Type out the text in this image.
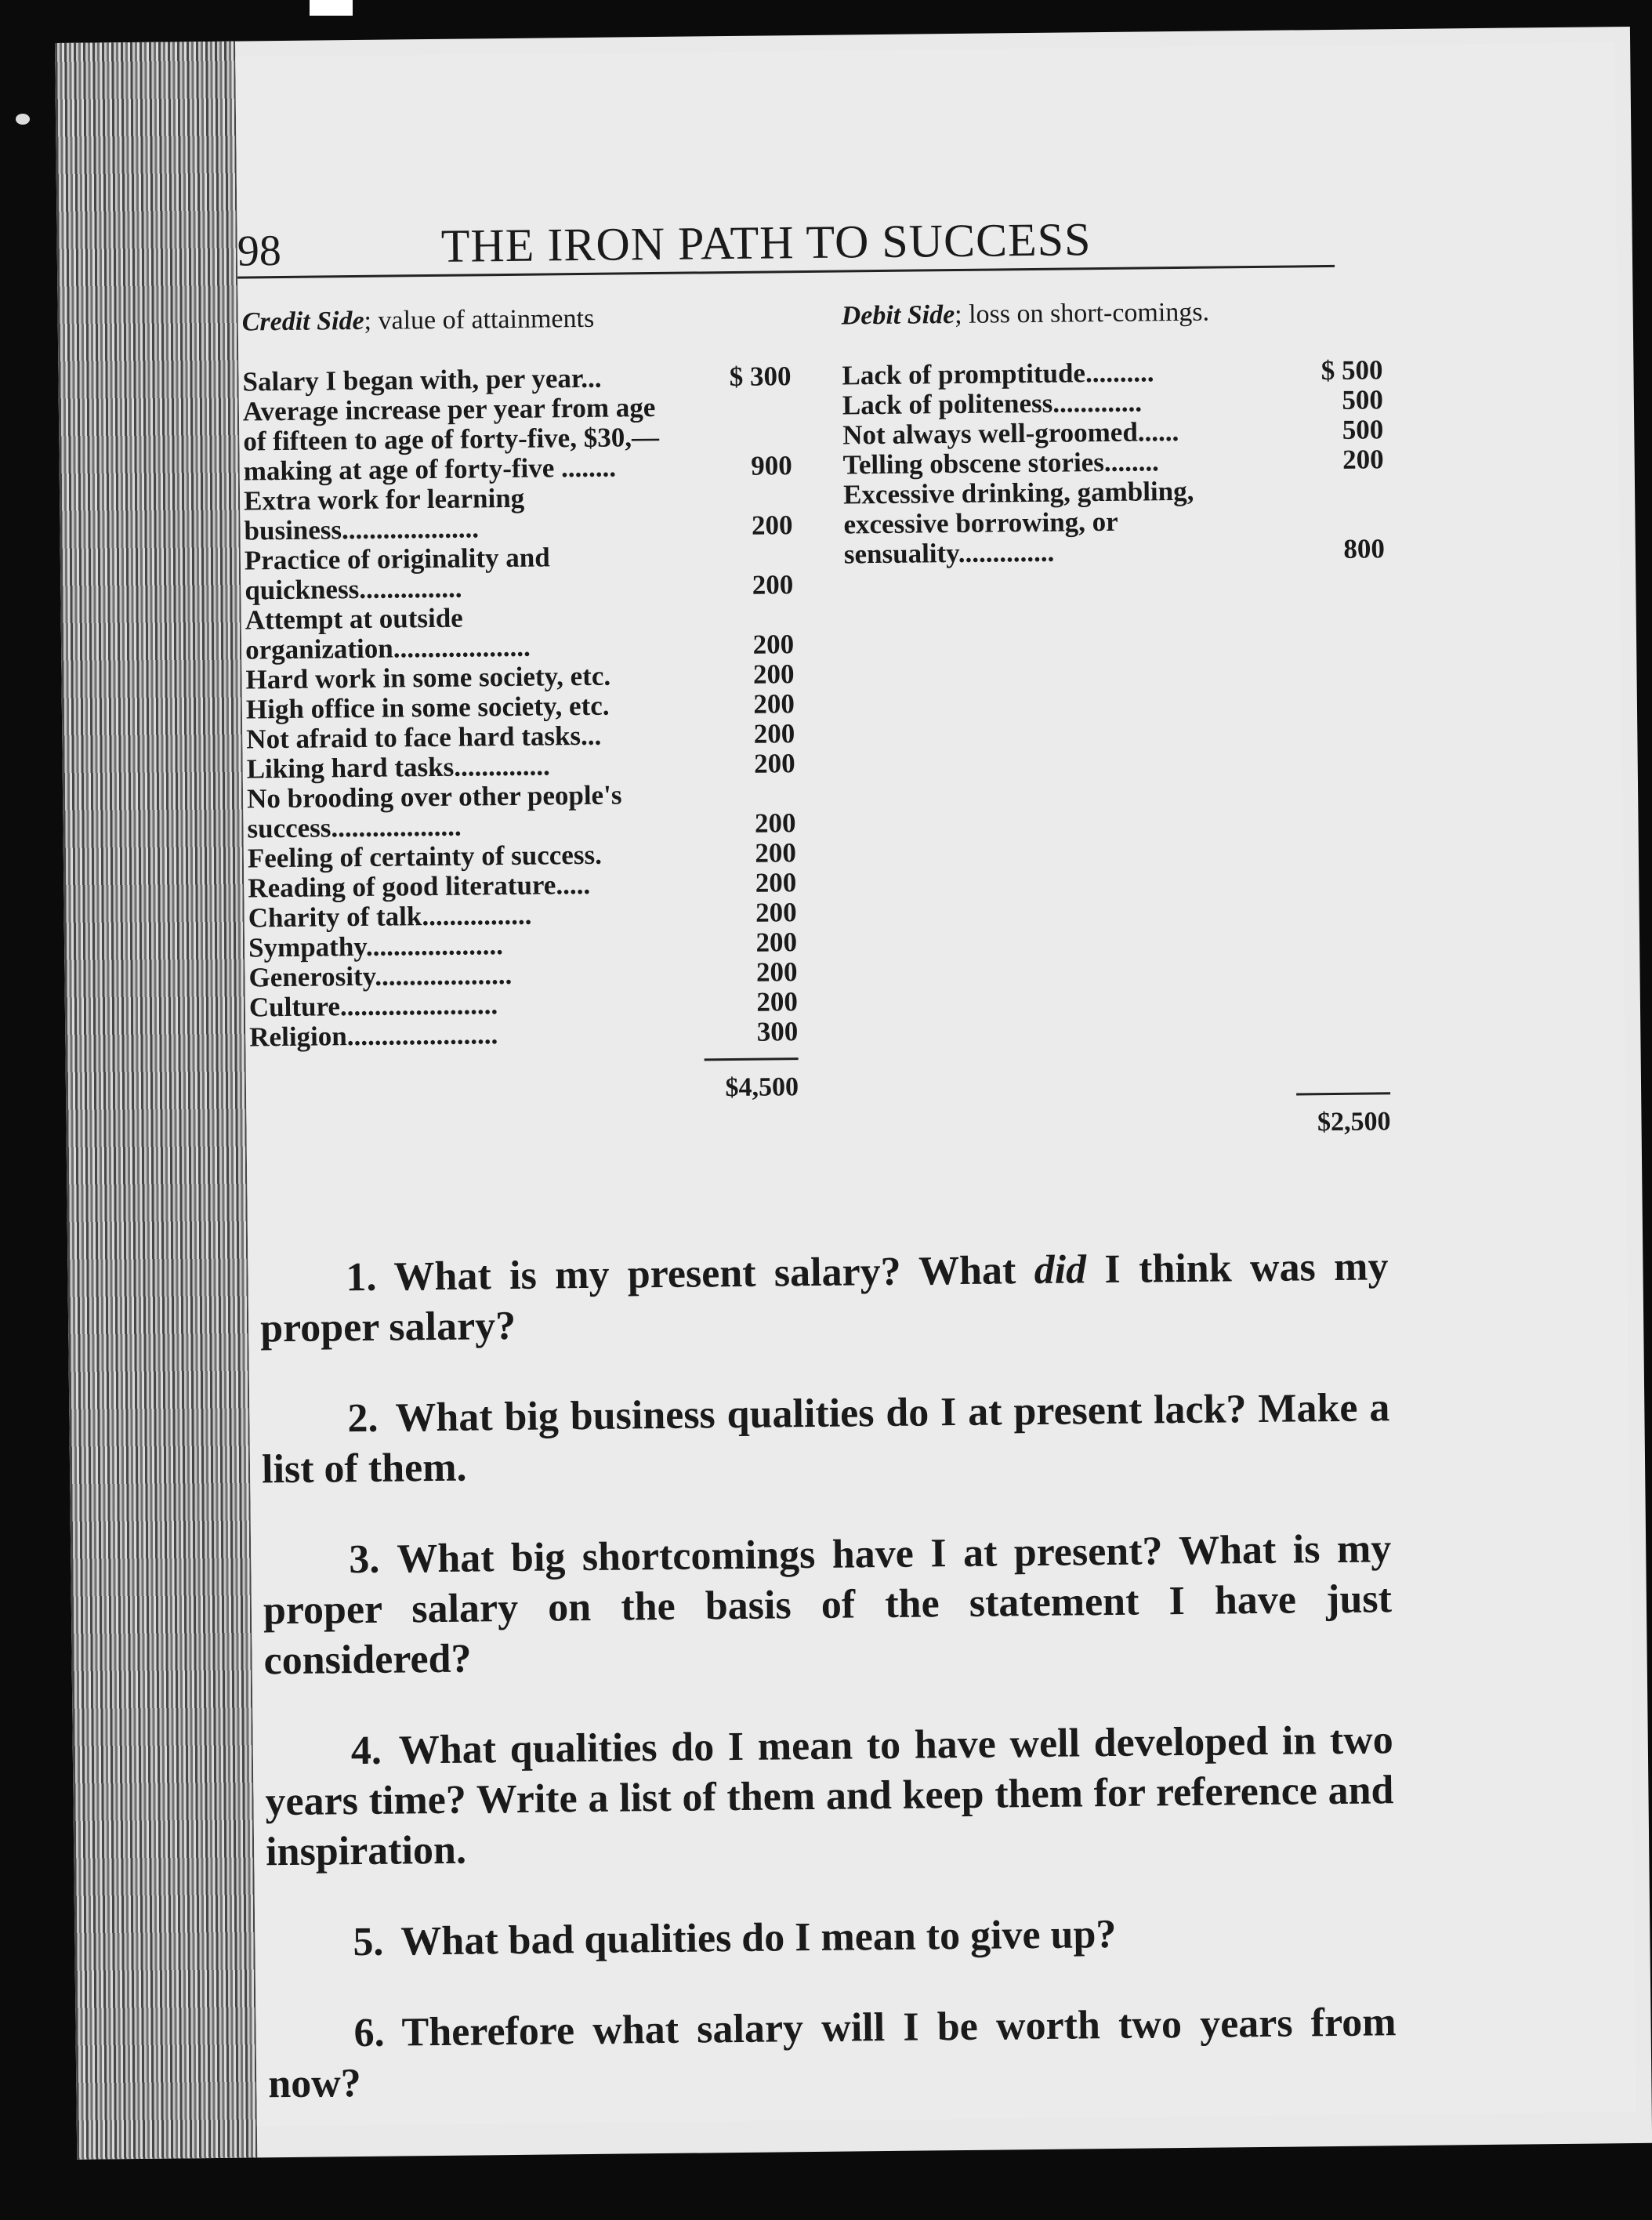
98	THE IRON PATH TO SUCCESS
Credit Side; value of attainments
Salary I began with, per year...	$ 300
Average increase per year from age of fifteen to age of forty-five, $30,—making at age of forty-five ........	900
Extra work for learning business....................	200
Practice of originality and quickness...............	200
Attempt at outside organization....................	200
Hard work in some society, etc.	200
High office in some society, etc.	200
Not afraid to face hard tasks...	200
Liking hard tasks..............	200
No brooding over other people's success...................	200
Feeling of certainty of success.	200
Reading of good literature.....	200
Charity of talk................	200
Sympathy....................	200
Generosity....................	200
Culture.......................	200
Religion......................	300
$4,500
Debit Side; loss on short-comings.
Lack of promptitude..........	$ 500
Lack of politeness.............	500
Not always well-groomed......	500
Telling obscene stories........	200
Excessive drinking, gambling, excessive borrowing, or sensuality..............	800
$2,500

1. What is my present salary? What did I think was my proper salary?

2. What big business qualities do I at present lack? Make a list of them.

3. What big shortcomings have I at present? What is my proper salary on the basis of the statement I have just considered?

4. What qualities do I mean to have well developed in two years time? Write a list of them and keep them for reference and inspiration.

5. What bad qualities do I mean to give up?

6. Therefore what salary will I be worth two years from now?
